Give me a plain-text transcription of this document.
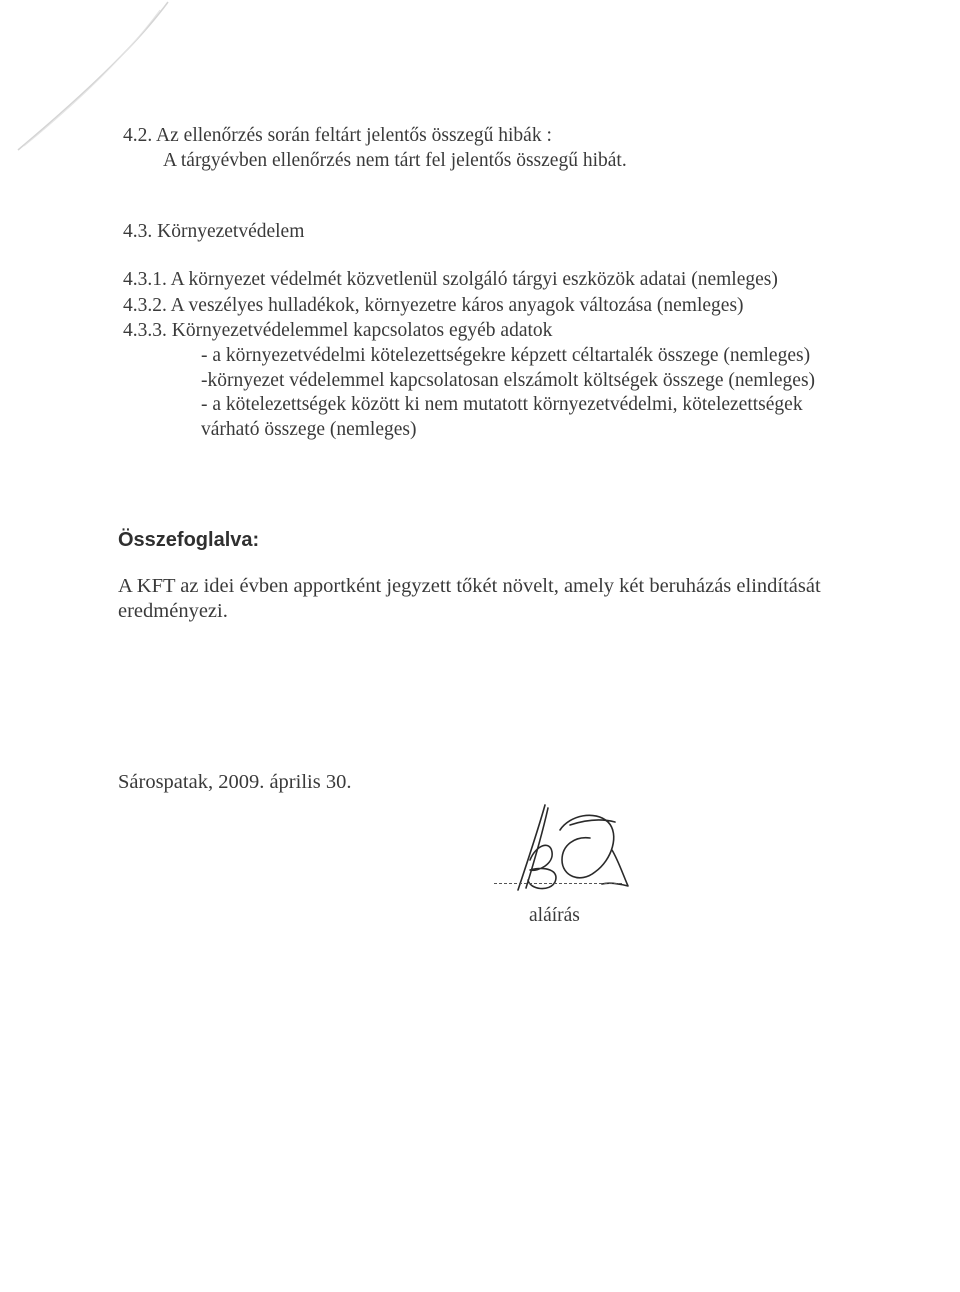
4.2. Az ellenőrzés során feltárt jelentős összegű hibák :
A tárgyévben ellenőrzés nem tárt fel jelentős összegű hibát.
4.3. Környezetvédelem
4.3.1. A környezet védelmét közvetlenül szolgáló tárgyi eszközök adatai (nemleges)
4.3.2. A veszélyes hulladékok, környezetre káros anyagok változása (nemleges)
4.3.3. Környezetvédelemmel kapcsolatos egyéb adatok
- a környezetvédelmi kötelezettségekre képzett céltartalék összege (nemleges)
-környezet védelemmel kapcsolatosan elszámolt költségek összege (nemleges)
- a kötelezettségek között ki nem mutatott környezetvédelmi, kötelezettségek
várható összege (nemleges)
Összefoglalva:
A KFT az idei évben apportként jegyzett tőkét növelt, amely két beruházás elindítását
eredményezi.
Sárospatak, 2009. április 30.
aláírás
